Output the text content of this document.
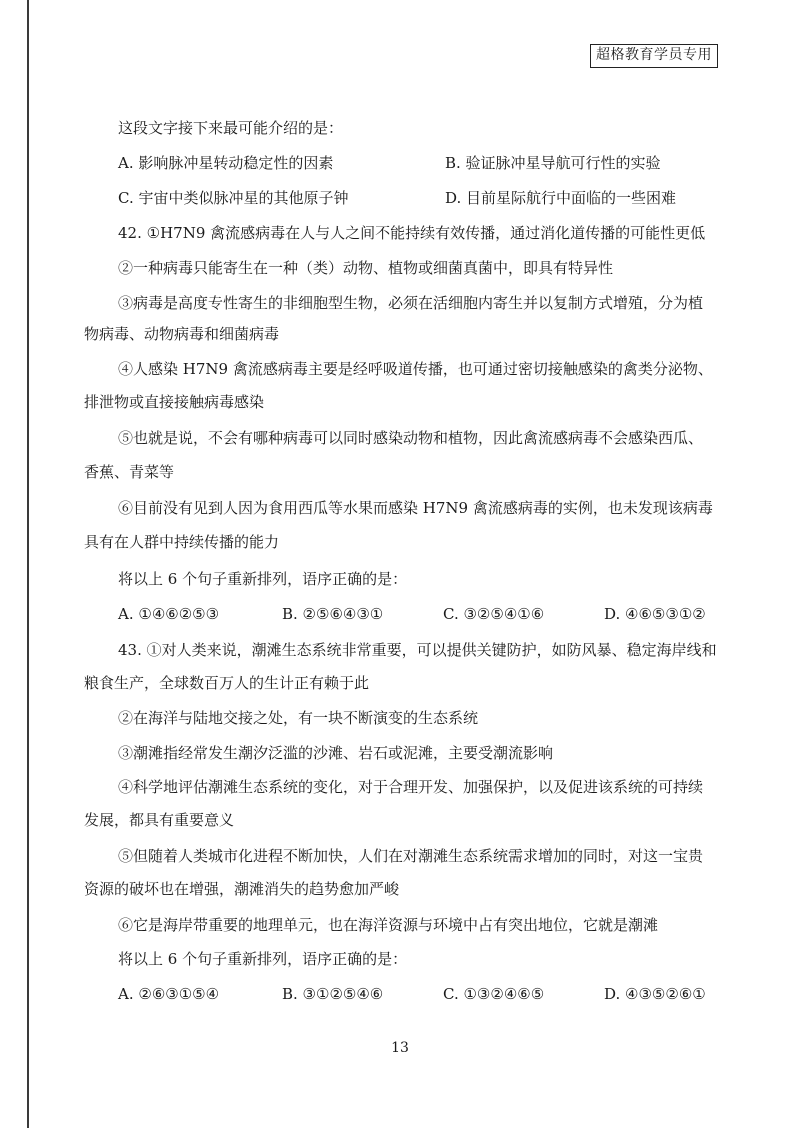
超格教育学员专用
这段文字接下来最可能介绍的是：
A. 影响脉冲星转动稳定性的因素	B. 验证脉冲星导航可行性的实验
C. 宇宙中类似脉冲星的其他原子钟	D. 目前星际航行中面临的一些困难
42. ①H7N9 禽流感病毒在人与人之间不能持续有效传播，通过消化道传播的可能性更低
②一种病毒只能寄生在一种（类）动物、植物或细菌真菌中，即具有特异性
③病毒是高度专性寄生的非细胞型生物，必须在活细胞内寄生并以复制方式增殖，分为植
物病毒、动物病毒和细菌病毒
④人感染 H7N9 禽流感病毒主要是经呼吸道传播，也可通过密切接触感染的禽类分泌物、
排泄物或直接接触病毒感染
⑤也就是说，不会有哪种病毒可以同时感染动物和植物，因此禽流感病毒不会感染西瓜、
香蕉、青菜等
⑥目前没有见到人因为食用西瓜等水果而感染 H7N9 禽流感病毒的实例，也未发现该病毒
具有在人群中持续传播的能力
将以上 6 个句子重新排列，语序正确的是：
A. ①④⑥②⑤③	B. ②⑤⑥④③①	C. ③②⑤④①⑥	D. ④⑥⑤③①②
43. ①对人类来说，潮滩生态系统非常重要，可以提供关键防护，如防风暴、稳定海岸线和
粮食生产，全球数百万人的生计正有赖于此
②在海洋与陆地交接之处，有一块不断演变的生态系统
③潮滩指经常发生潮汐泛滥的沙滩、岩石或泥滩，主要受潮流影响
④科学地评估潮滩生态系统的变化，对于合理开发、加强保护，以及促进该系统的可持续
发展，都具有重要意义
⑤但随着人类城市化进程不断加快，人们在对潮滩生态系统需求增加的同时，对这一宝贵
资源的破坏也在增强，潮滩消失的趋势愈加严峻
⑥它是海岸带重要的地理单元，也在海洋资源与环境中占有突出地位，它就是潮滩
将以上 6 个句子重新排列，语序正确的是：
A. ②⑥③①⑤④	B. ③①②⑤④⑥	C. ①③②④⑥⑤	D. ④③⑤②⑥①
13
